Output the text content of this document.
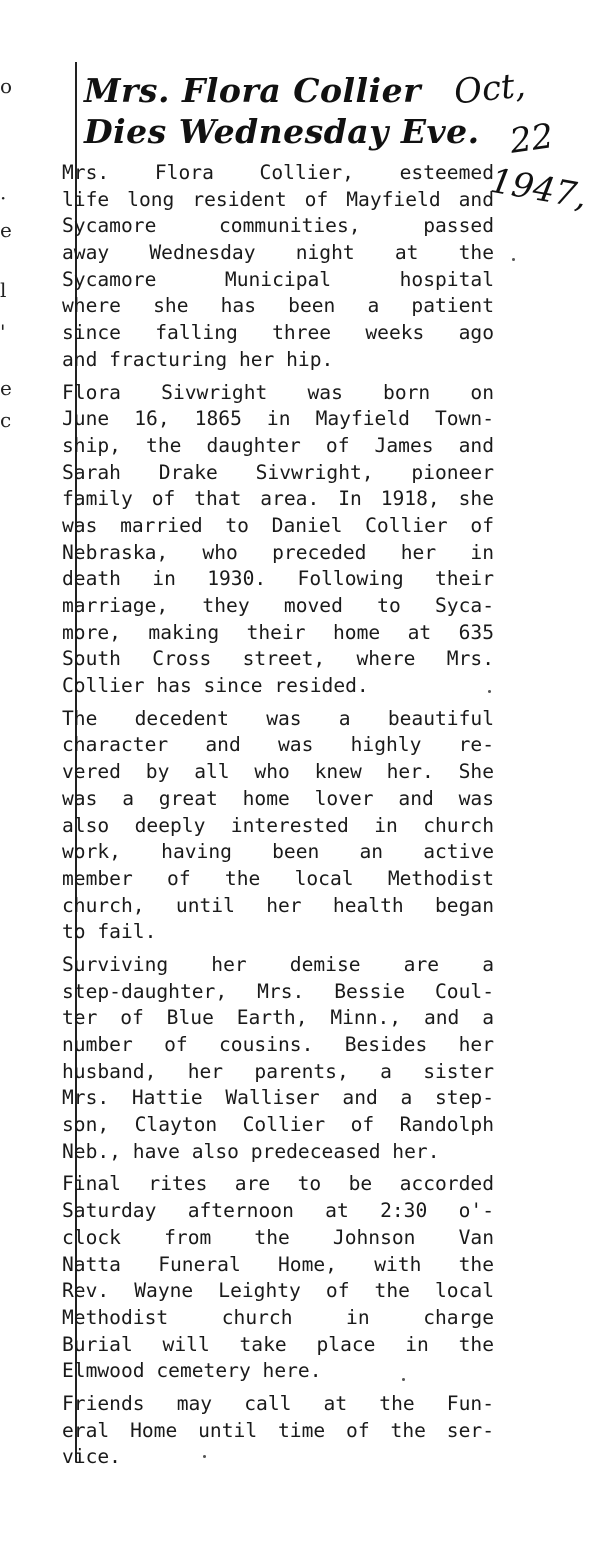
o
·
e
l
'
e
c
Mrs. Flora Collier
Dies Wednesday Eve.
Oct,
22
1947,
Mrs. Flora Collier, esteemed
life long resident of Mayfield and
Sycamore communities, passed
away Wednesday night at the
Sycamore Municipal hospital
where she has been a patient
since falling three weeks ago
and fracturing her hip.
Flora Sivwright was born on
June 16, 1865 in Mayfield Town-
ship, the daughter of James and
Sarah Drake Sivwright, pioneer
family of that area. In 1918, she
was married to Daniel Collier of
Nebraska, who preceded her in
death in 1930. Following their
marriage, they moved to Syca-
more, making their home at 635
South Cross street, where Mrs.
Collier has since resided.
The decedent was a beautiful
character and was highly re-
vered by all who knew her. She
was a great home lover and was
also deeply interested in church
work, having been an active
member of the local Methodist
church, until her health began
to fail.
Surviving her demise are a
step-daughter, Mrs. Bessie Coul-
ter of Blue Earth, Minn., and a
number of cousins. Besides her
husband, her parents, a sister
Mrs. Hattie Walliser and a step-
son, Clayton Collier of Randolph
Neb., have also predeceased her.
Final rites are to be accorded
Saturday afternoon at 2:30 o'-
clock from the Johnson Van
Natta Funeral Home, with the
Rev. Wayne Leighty of the local
Methodist church in charge
Burial will take place in the
Elmwood cemetery here.
Friends may call at the Fun-
eral Home until time of the ser-
vice.
